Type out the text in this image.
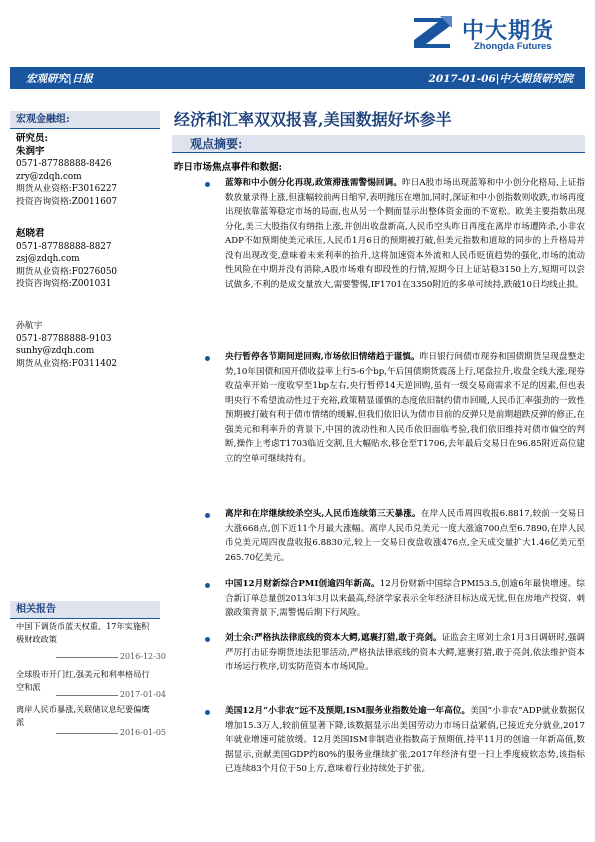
中大期货
Zhongda Futures
宏观研究|日报	2017-01-06|中大期货研究院
宏观金融组:
研究员:
朱润宇
0571-87788888-8426
zry@zdqh.com
期货从业资格:F3016227
投资咨询资格:Z0011607
赵晓君
0571-87788888-8827
zsj@zdqh.com
期货从业资格:F0276050
投资咨询资格:Z001031
孙航宇
0571-87788888-9103
sunhy@zdqh.com
期货从业资格:F0311402
相关报告
中国下调货币蓝天权重、17年实施积
极财政政策
2016-12-30
全球股市开门红,强美元和利率格局行
空和派
2017-01-04
离岸人民币暴涨,关联储议息纪要偏鹰
派
2016-01-05
经济和汇率双双报喜,美国数据好坏参半
观点摘要:
昨日市场焦点事件和数据:
蓝筹和中小创分化再现,政策滞涨需警惕回调。昨日A股市场出现蓝筹和中小创分化格局,上证指数放量录得上涨,但涨幅较前两日缩窄,表明抛压在增加,同时,深证和中小创指数则收跌,市场再度出现依靠蓝筹稳定市场的局面,也从另一个侧面显示出整体资金面的不宽松。欧美主要指数出现分化,美三大股指仅有纳指上涨,并创出收盘新高,人民币空头昨日再度在离岸市场遭阵杀,小非农ADP不如预期使美元承压,人民币1月6日的预期被打破,但美元指数和道琼的同步的上升格局并没有出现改变,意味着未来利率的抬升,这将加速资本外流和人民币贬值趋势的强化,市场的流动性风险在中期并没有消除,A股市场难有即段性的行情,短期今日上证站稳3150上方,短期可以尝试做多,不利的是成交量放大,需要警惕,IF1701在3350附近的多单可续持,跌破10日均线止损。
央行暂停各节期间逆回购,市场依旧情绪趋于谨慎。昨日银行间债市现券和国债期货呈现盘整走势,10年国债和国开债收益率上行5-6个bp,午后国债期货震荡上行,尾盘拉升,收盘全线大涨,现券收益率开始一度收窄至1bp左右,央行暂停14天逆回购,虽有一级交易商需求不足的因素,但也表明央行不希望流动性过于充裕,政策精显谨慎的态度依旧制约债市回暖,人民币汇率强劲的一致性预期被打破有利于债市情绪的缓解,但我们依旧认为债市目前的反弹只是前期超跌反弹的修正,在强美元和利率升的背景下,中国的流动性和人民币依旧面临考验,我们依旧维持对债市偏空的判断,操作上考虑T1703临近交割,且大幅贴水,移仓至T1706,去年最后交易日在96.85附近高位建立的空单可继续持有。
离岸和在岸继续绞杀空头,人民币连续第三天暴涨。在岸人民币周四收报6.8817,较前一交易日大涨668点,创下近11个月最大涨幅。离岸人民币兑美元一度大涨逾700点至6.7890,在岸人民币兑美元周四夜盘收报6.8830元,较上一交易日夜盘收涨476点,全天成交量扩大1.46亿美元至265.70亿美元。
中国12月财新综合PMI创逾四年新高。12月份财新中国综合PMI53.5,创逾6年最快增速。综合新订单总量创2013年3月以来最高,经济学家表示全年经济目标达成无忧,但在房地产投资、刺激政策背景下,需警惕后期下行风险。
刘士余:严格执法律底线的资本大鳄,遮裹打猎,敢于亮剑。证监会主席刘士余1月3日调研时,强调严厉打击证券期货违法犯罪活动,严格执法律底线的资本大鳄,遮裹打猎,敢于亮剑,依法维护资本市场运行秩序,切实防范资本市场风险。
美国12月“小非农”远不及预期,ISM服务业指数处逾一年高位。美国“小非农”ADP就业数据仅增加15.3万人,较前值显著下降,该数据显示出美国劳动力市场日益紧俏,已接近充分就业,2017年就业增速可能放缓。12月美国ISM非制造业指数高于预期值,持平11月的创逾一年新高值,数据显示,贡献美国GDP约80%的服务业继续扩张,2017年经济有望一扫上季度疲软态势,该指标已连续83个月位于50上方,意味着行业持续处于扩张。
